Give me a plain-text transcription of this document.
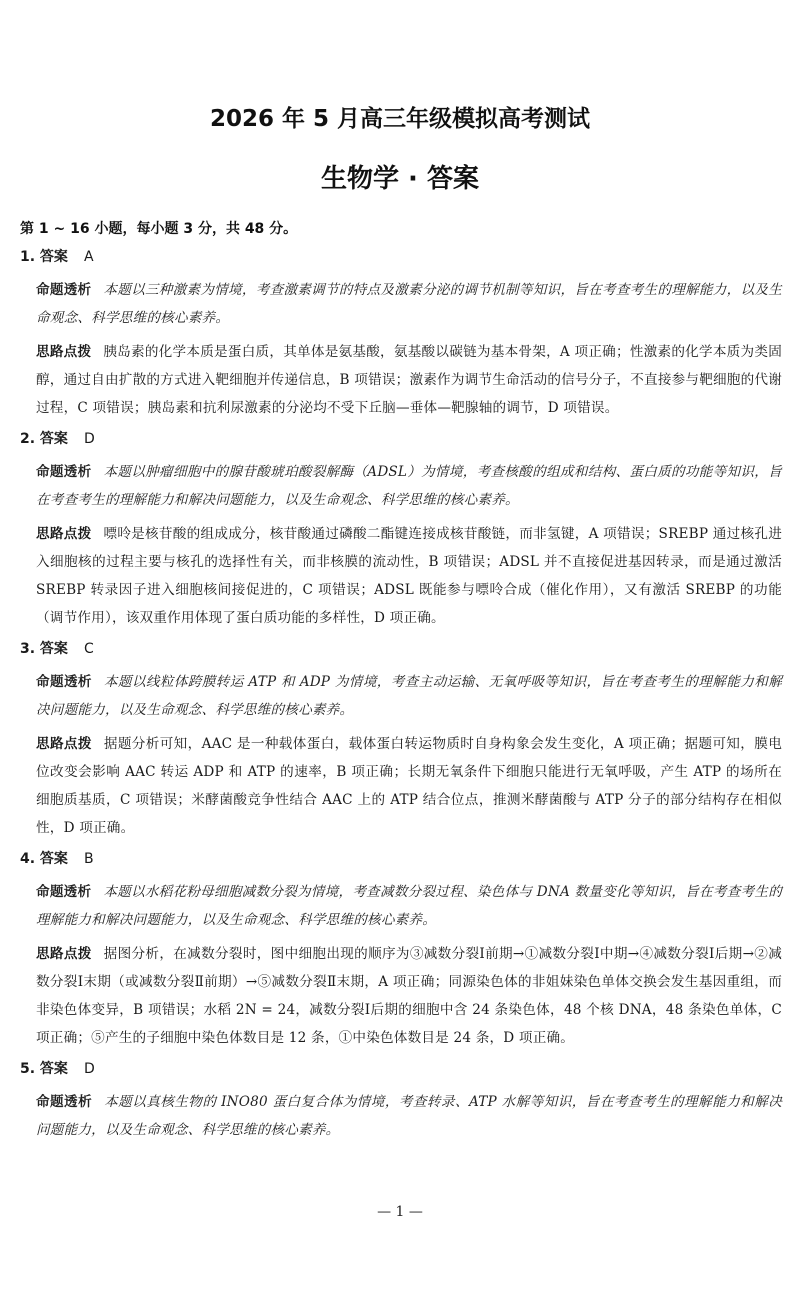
2026 年 5 月高三年级模拟高考测试
生物学 · 答案
第 1 ~ 16 小题，每小题 3 分，共 48 分。
1. 答案 A
命题透析 本题以三种激素为情境，考查激素调节的特点及激素分泌的调节机制等知识，旨在考查考生的理解能力，以及生命观念、科学思维的核心素养。
思路点拨 胰岛素的化学本质是蛋白质，其单体是氨基酸，氨基酸以碳链为基本骨架，A 项正确；性激素的化学本质为类固醇，通过自由扩散的方式进入靶细胞并传递信息，B 项错误；激素作为调节生命活动的信号分子，不直接参与靶细胞的代谢过程，C 项错误；胰岛素和抗利尿激素的分泌均不受下丘脑—垂体—靶腺轴的调节，D 项错误。
2. 答案 D
命题透析 本题以肿瘤细胞中的腺苷酸琥珀酸裂解酶（ADSL）为情境，考查核酸的组成和结构、蛋白质的功能等知识，旨在考查考生的理解能力和解决问题能力，以及生命观念、科学思维的核心素养。
思路点拨 嘌呤是核苷酸的组成成分，核苷酸通过磷酸二酯键连接成核苷酸链，而非氢键，A 项错误；SREBP 通过核孔进入细胞核的过程主要与核孔的选择性有关，而非核膜的流动性，B 项错误；ADSL 并不直接促进基因转录，而是通过激活 SREBP 转录因子进入细胞核间接促进的，C 项错误；ADSL 既能参与嘌呤合成（催化作用），又有激活 SREBP 的功能（调节作用），该双重作用体现了蛋白质功能的多样性，D 项正确。
3. 答案 C
命题透析 本题以线粒体跨膜转运 ATP 和 ADP 为情境，考查主动运输、无氧呼吸等知识，旨在考查考生的理解能力和解决问题能力，以及生命观念、科学思维的核心素养。
思路点拨 据题分析可知，AAC 是一种载体蛋白，载体蛋白转运物质时自身构象会发生变化，A 项正确；据题可知，膜电位改变会影响 AAC 转运 ADP 和 ATP 的速率，B 项正确；长期无氧条件下细胞只能进行无氧呼吸，产生 ATP 的场所在细胞质基质，C 项错误；米酵菌酸竞争性结合 AAC 上的 ATP 结合位点，推测米酵菌酸与 ATP 分子的部分结构存在相似性，D 项正确。
4. 答案 B
命题透析 本题以水稻花粉母细胞减数分裂为情境，考查减数分裂过程、染色体与 DNA 数量变化等知识，旨在考查考生的理解能力和解决问题能力，以及生命观念、科学思维的核心素养。
思路点拨 据图分析，在减数分裂时，图中细胞出现的顺序为③减数分裂Ⅰ前期→①减数分裂Ⅰ中期→④减数分裂Ⅰ后期→②减数分裂Ⅰ末期（或减数分裂Ⅱ前期）→⑤减数分裂Ⅱ末期，A 项正确；同源染色体的非姐妹染色单体交换会发生基因重组，而非染色体变异，B 项错误；水稻 2N = 24，减数分裂Ⅰ后期的细胞中含 24 条染色体，48 个核 DNA，48 条染色单体，C 项正确；⑤产生的子细胞中染色体数目是 12 条，①中染色体数目是 24 条，D 项正确。
5. 答案 D
命题透析 本题以真核生物的 INO80 蛋白复合体为情境，考查转录、ATP 水解等知识，旨在考查考生的理解能力和解决问题能力，以及生命观念、科学思维的核心素养。
— 1 —
